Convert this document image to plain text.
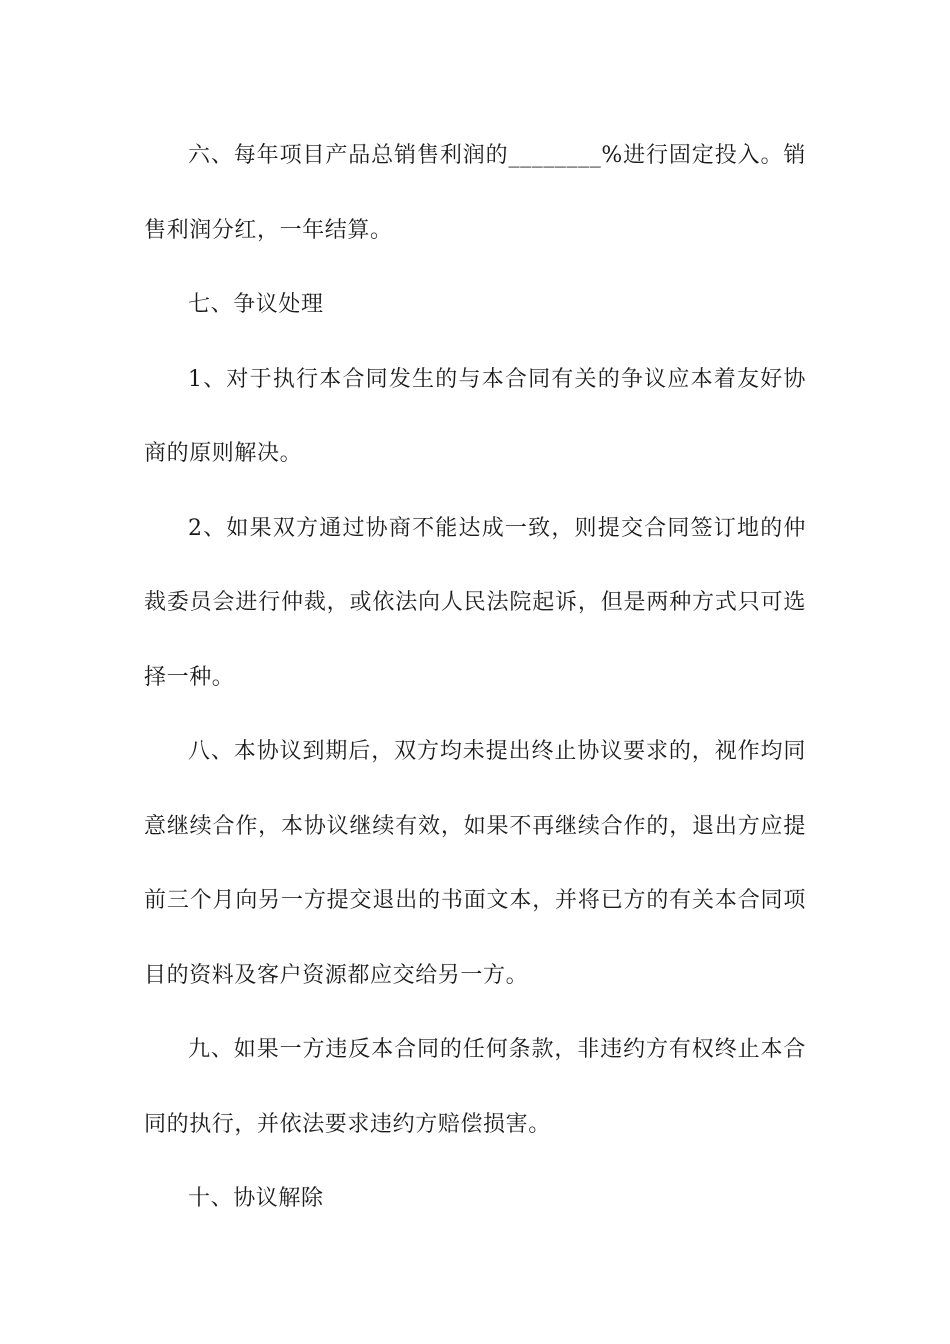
六、每年项目产品总销售利润的________%进行固定投入。销售利润分红，一年结算。

七、争议处理

1、对于执行本合同发生的与本合同有关的争议应本着友好协商的原则解决。

2、如果双方通过协商不能达成一致，则提交合同签订地的仲裁委员会进行仲裁，或依法向人民法院起诉，但是两种方式只可选择一种。

八、本协议到期后，双方均未提出终止协议要求的，视作均同意继续合作，本协议继续有效，如果不再继续合作的，退出方应提前三个月向另一方提交退出的书面文本，并将已方的有关本合同项目的资料及客户资源都应交给另一方。

九、如果一方违反本合同的任何条款，非违约方有权终止本合同的执行，并依法要求违约方赔偿损害。

十、协议解除
